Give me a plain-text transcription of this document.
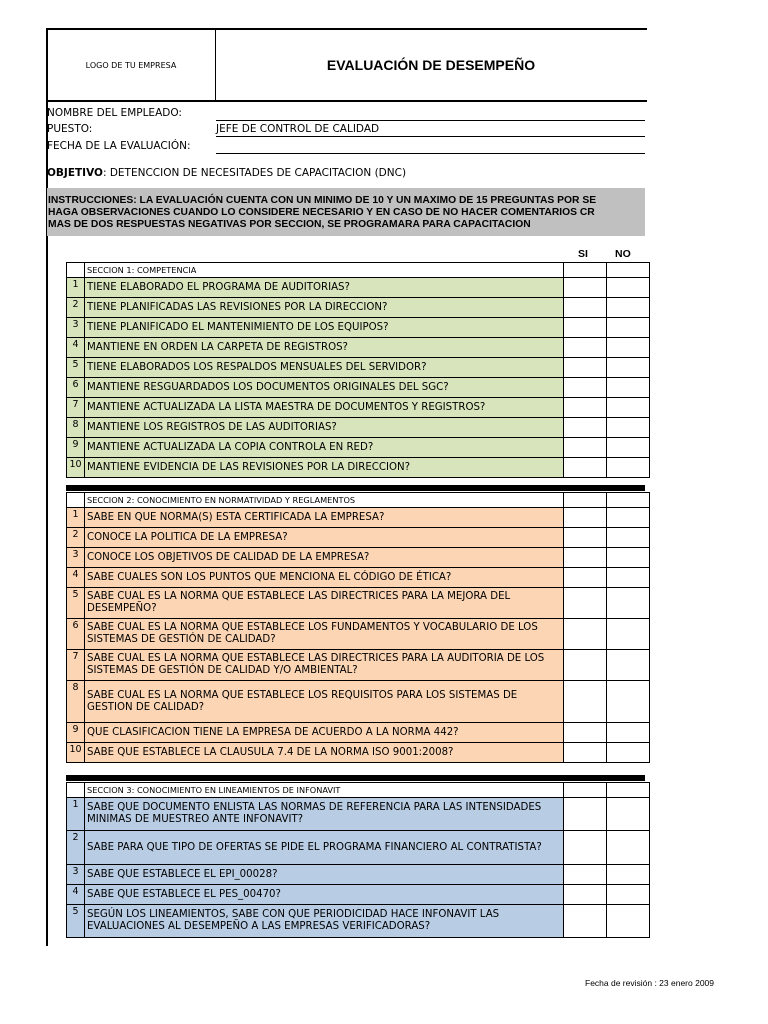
LOGO DE TU EMPRESA	EVALUACIÓN DE DESEMPEÑO
NOMBRE DEL EMPLEADO:
PUESTO:	JEFE DE CONTROL DE CALIDAD
FECHA DE LA EVALUACIÓN:
OBJETIVO: DETENCCION DE NECESITADES DE CAPACITACION (DNC)
INSTRUCCIONES: LA EVALUACIÓN CUENTA CON UN MINIMO DE 10 Y UN MAXIMO DE 15 PREGUNTAS POR SE
HAGA OBSERVACIONES CUANDO LO CONSIDERE NECESARIO Y EN CASO DE NO HACER COMENTARIOS CR
MAS DE DOS RESPUESTAS NEGATIVAS POR SECCION, SE PROGRAMARA PARA CAPACITACION
SI	NO
	SECCION 1: COMPETENCIA		
1	TIENE ELABORADO EL PROGRAMA DE AUDITORIAS?		
2	TIENE PLANIFICADAS LAS REVISIONES POR LA DIRECCION?		
3	TIENE PLANIFICADO EL MANTENIMIENTO DE LOS EQUIPOS?		
4	MANTIENE EN ORDEN LA CARPETA DE REGISTROS?		
5	TIENE ELABORADOS LOS RESPALDOS MENSUALES DEL SERVIDOR?		
6	MANTIENE RESGUARDADOS LOS DOCUMENTOS ORIGINALES DEL SGC?		
7	MANTIENE ACTUALIZADA LA LISTA MAESTRA DE DOCUMENTOS Y REGISTROS?		
8	MANTIENE LOS REGISTROS DE LAS AUDITORIAS?		
9	MANTIENE ACTUALIZADA LA COPIA CONTROLA EN RED?		
10	MANTIENE EVIDENCIA DE LAS REVISIONES POR LA DIRECCION?		
	SECCION 2: CONOCIMIENTO EN NORMATIVIDAD Y REGLAMENTOS		
1	SABE EN QUE NORMA(S) ESTA CERTIFICADA LA EMPRESA?		
2	CONOCE LA POLITICA DE LA EMPRESA?		
3	CONOCE LOS OBJETIVOS DE CALIDAD DE LA EMPRESA?		
4	SABE CUALES SON LOS PUNTOS QUE MENCIONA EL CÓDIGO DE ÉTICA?		
5	SABE CUAL ES LA NORMA QUE ESTABLECE LAS DIRECTRICES PARA LA MEJORA DEL DESEMPEÑO?		
6	SABE CUAL ES LA NORMA QUE ESTABLECE LOS FUNDAMENTOS Y VOCABULARIO DE LOS SISTEMAS DE GESTIÓN DE CALIDAD?		
7	SABE CUAL ES LA NORMA QUE ESTABLECE LAS DIRECTRICES PARA LA AUDITORIA DE LOS SISTEMAS DE GESTIÓN DE CALIDAD Y/O AMBIENTAL?		
8	SABE CUAL ES LA NORMA QUE ESTABLECE LOS REQUISITOS PARA LOS SISTEMAS DE GESTION DE CALIDAD?		
9	QUE CLASIFICACION TIENE LA EMPRESA DE ACUERDO A LA NORMA 442?		
10	SABE QUE ESTABLECE LA CLAUSULA 7.4 DE LA NORMA ISO 9001:2008?		
	SECCION 3: CONOCIMIENTO EN LINEAMIENTOS DE INFONAVIT		
1	SABE QUE DOCUMENTO ENLISTA LAS NORMAS DE REFERENCIA PARA LAS INTENSIDADES MINIMAS DE MUESTREO ANTE INFONAVIT?		
2	SABE PARA QUE TIPO DE OFERTAS SE PIDE EL PROGRAMA FINANCIERO AL CONTRATISTA?		
3	SABE QUE ESTABLECE EL EPI_00028?		
4	SABE QUE ESTABLECE EL PES_00470?		
5	SEGÚN LOS LINEAMIENTOS, SABE CON QUE PERIODICIDAD HACE INFONAVIT LAS EVALUACIONES AL DESEMPEÑO A LAS EMPRESAS VERIFICADORAS?		
Fecha de revisión : 23 enero 2009
